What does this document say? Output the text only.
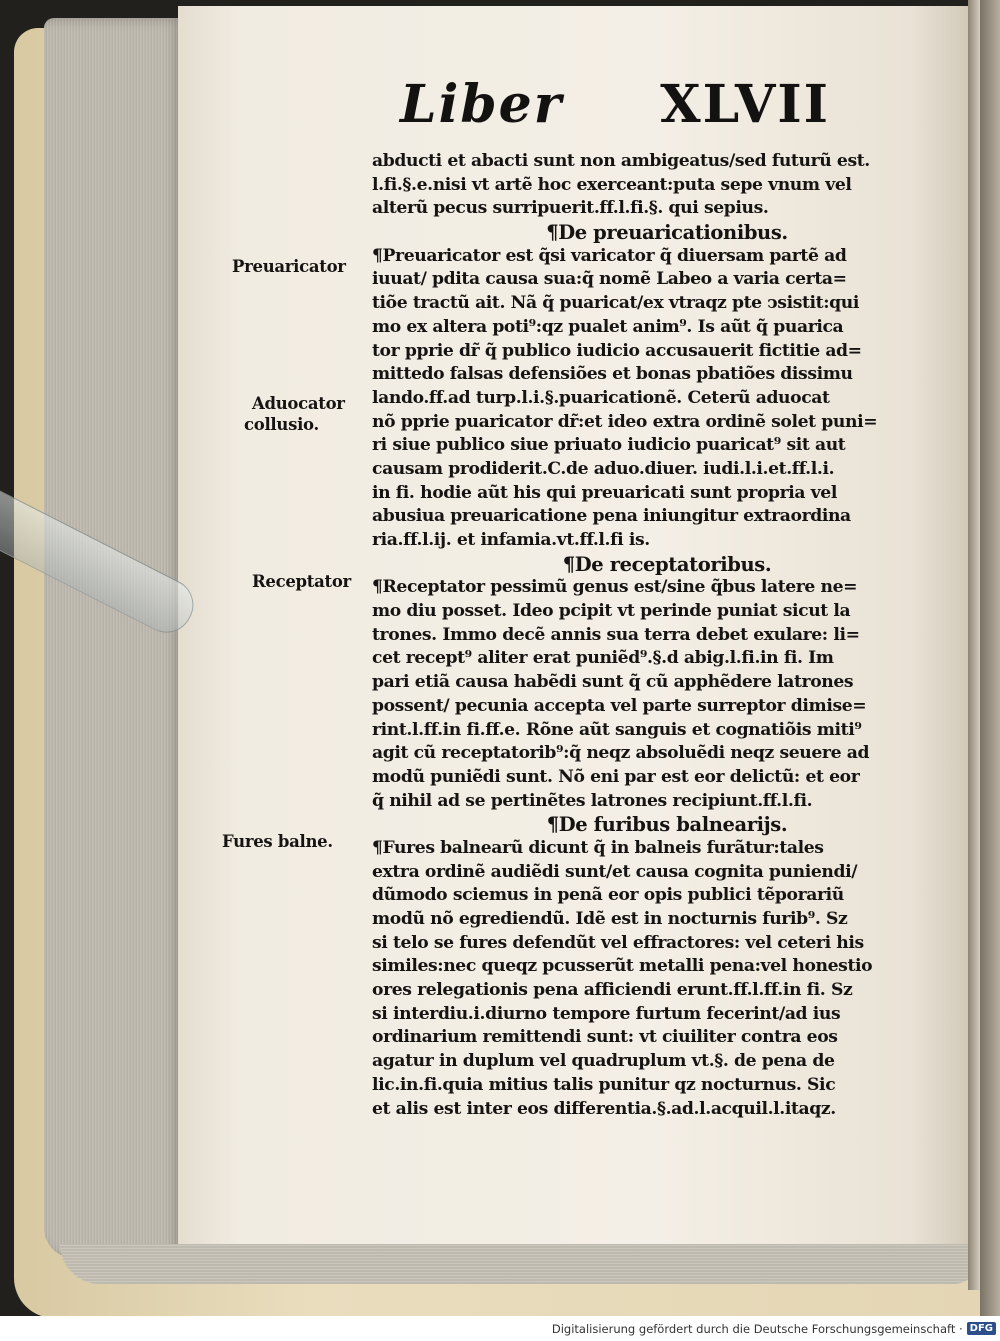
Liber XLVII
Preuaricator
Aduocator
collusio.
Receptator
Fures balne.
abducti et abacti sunt non ambigeatus/sed futurũ est.
l.fi.§.e.nisi vt artẽ hoc exerceant:puta sepe vnum vel
alterũ pecus surripuerit.ff.l.fi.§. qui sepius.
¶De preuaricationibus.
¶Preuaricator est q̃si varicator q̃ diuersam partẽ ad
iuuat/ pdita causa sua:q̃ nomẽ Labeo a varia certa=
tiõe tractũ ait. Nã q̃ puaricat/ex vtraqz pte ↄsistit:qui
mo ex altera poti⁹:qz pualet anim⁹. Is aũt q̃ puarica
tor pprie dr̃ q̃ publico iudicio accusauerit fictitie ad=
mittedo falsas defensiões et bonas pbatiões dissimu
lando.ff.ad turp.l.i.§.puaricationẽ. Ceterũ aduocat
nõ pprie puaricator dr̃:et ideo extra ordinẽ solet puni=
ri siue publico siue priuato iudicio puaricat⁹ sit aut
causam prodiderit.C.de aduo.diuer. iudi.l.i.et.ff.l.i.
in fi. hodie aũt his qui preuaricati sunt propria vel
abusiua preuaricatione pena iniungitur extraordina
ria.ff.l.ij. et infamia.vt.ff.l.fi is.
¶De receptatoribus.
¶Receptator pessimũ genus est/sine q̃bus latere ne=
mo diu posset. Ideo pcipit vt perinde puniat sicut la
trones. Immo decẽ annis sua terra debet exulare: li=
cet recept⁹ aliter erat puniẽd⁹.§.d abig.l.fi.in fi. Im
pari etiã causa habẽdi sunt q̃ cũ apphẽdere latrones
possent/ pecunia accepta vel parte surreptor dimise=
rint.l.ff.in fi.ff.e. Rõne aũt sanguis et cognatiõis miti⁹
agit cũ receptatorib⁹:q̃ neqz absoluẽdi neqz seuere ad
modũ puniẽdi sunt. Nõ eni par est eor delictũ: et eor
q̃ nihil ad se pertinẽtes latrones recipiunt.ff.l.fi.
¶De furibus balnearijs.
¶Fures balnearũ dicunt q̃ in balneis furãtur:tales
extra ordinẽ audiẽdi sunt/et causa cognita puniendi/
dũmodo sciemus in penã eor opis publici tẽporariũ
modũ nõ egrediendũ. Idẽ est in nocturnis furib⁹. Sz
si telo se fures defendũt vel effractores: vel ceteri his
similes:nec queqz pcusserũt metalli pena:vel honestio
ores relegationis pena afficiendi erunt.ff.l.ff.in fi. Sz
si interdiu.i.diurno tempore furtum fecerint/ad ius
ordinarium remittendi sunt: vt ciuiliter contra eos
agatur in duplum vel quadruplum vt.§. de pena de
lic.in.fi.quia mitius talis punitur qz nocturnus. Sic
et alis est inter eos differentia.§.ad.l.acquil.l.itaqz.
Digitalisierung gefördert durch die Deutsche Forschungsgemeinschaft · DFG
